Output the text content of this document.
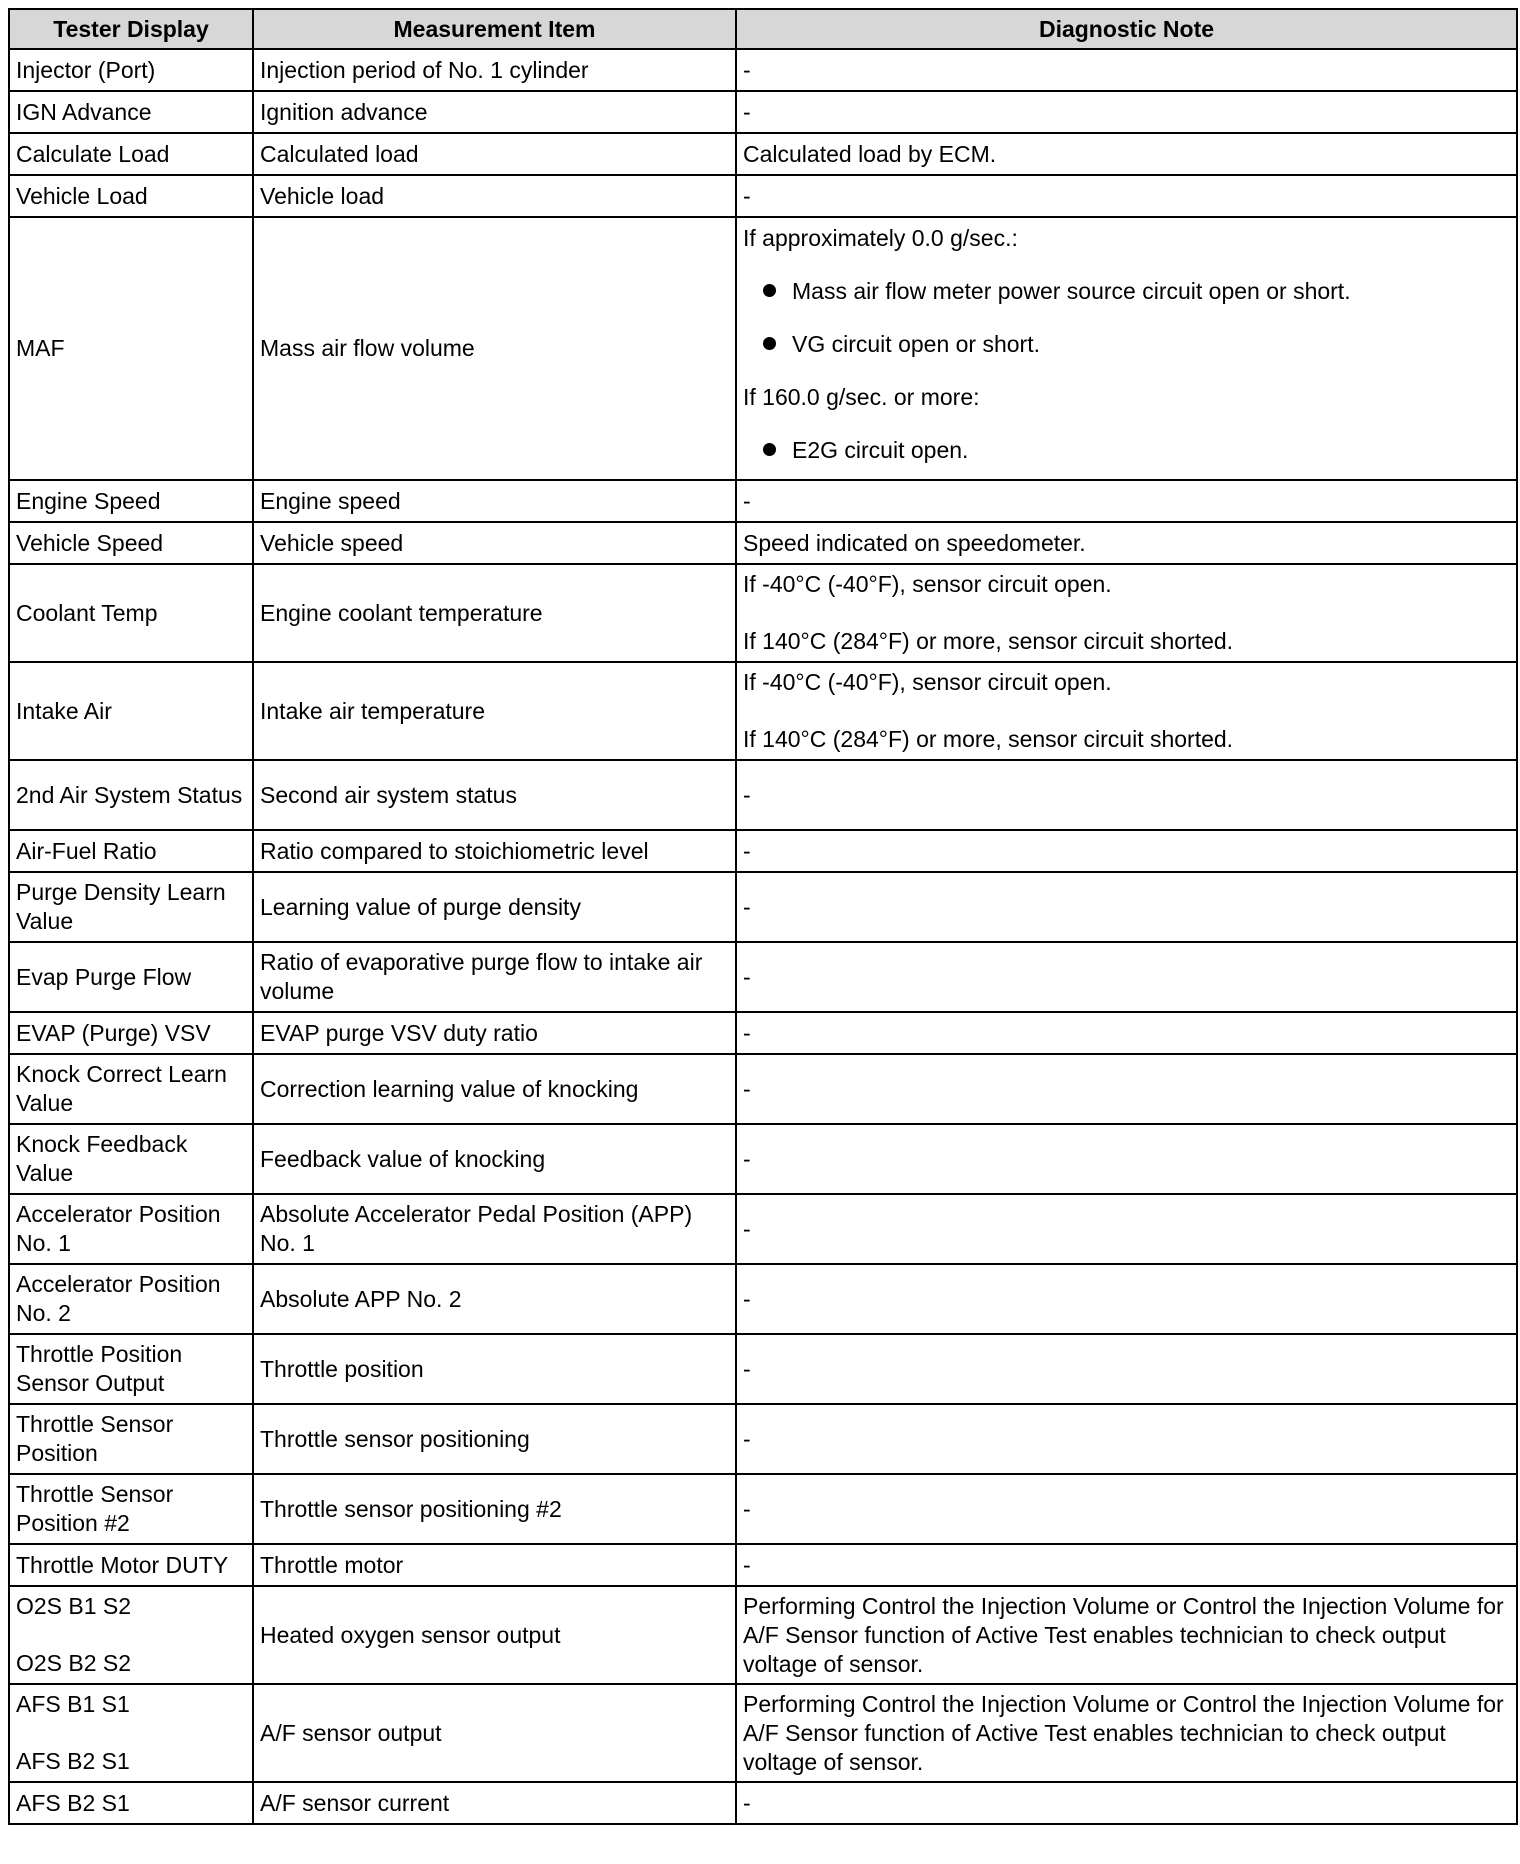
Tester Display	Measurement Item	Diagnostic Note
Injector (Port)	Injection period of No. 1 cylinder	-
IGN Advance	Ignition advance	-
Calculate Load	Calculated load	Calculated load by ECM.
Vehicle Load	Vehicle load	-
MAF	Mass air flow volume	If approximately 0.0 g/sec.:
Mass air flow meter power source circuit open or short.
VG circuit open or short.
If 160.0 g/sec. or more:
E2G circuit open.

Engine Speed	Engine speed	-
Vehicle Speed	Vehicle speed	Speed indicated on speedometer.
Coolant Temp	Engine coolant temperature	If -40°C (-40°F), sensor circuit open.
If 140°C (284°F) or more, sensor circuit shorted.

Intake Air	Intake air temperature	If -40°C (-40°F), sensor circuit open.
If 140°C (284°F) or more, sensor circuit shorted.

2nd Air System Status	Second air system status	-
Air-Fuel Ratio	Ratio compared to stoichiometric level	-
Purge Density Learn Value	Learning value of purge density	-
Evap Purge Flow	Ratio of evaporative purge flow to intake air volume	-
EVAP (Purge) VSV	EVAP purge VSV duty ratio	-
Knock Correct Learn Value	Correction learning value of knocking	-
Knock Feedback Value	Feedback value of knocking	-
Accelerator Position No. 1	Absolute Accelerator Pedal Position (APP) No. 1	-
Accelerator Position No. 2	Absolute APP No. 2	-
Throttle Position Sensor Output	Throttle position	-
Throttle Sensor Position	Throttle sensor positioning	-
Throttle Sensor Position #2	Throttle sensor positioning #2	-
Throttle Motor DUTY	Throttle motor	-

O2S B1 S2
O2S B2 S2	Heated oxygen sensor output	Performing Control the Injection Volume or Control the Injection Volume for A/F Sensor function of Active Test enables technician to check output voltage of sensor.

AFS B1 S1
AFS B2 S1	A/F sensor output	Performing Control the Injection Volume or Control the Injection Volume for A/F Sensor function of Active Test enables technician to check output voltage of sensor.
AFS B2 S1	A/F sensor current	-
